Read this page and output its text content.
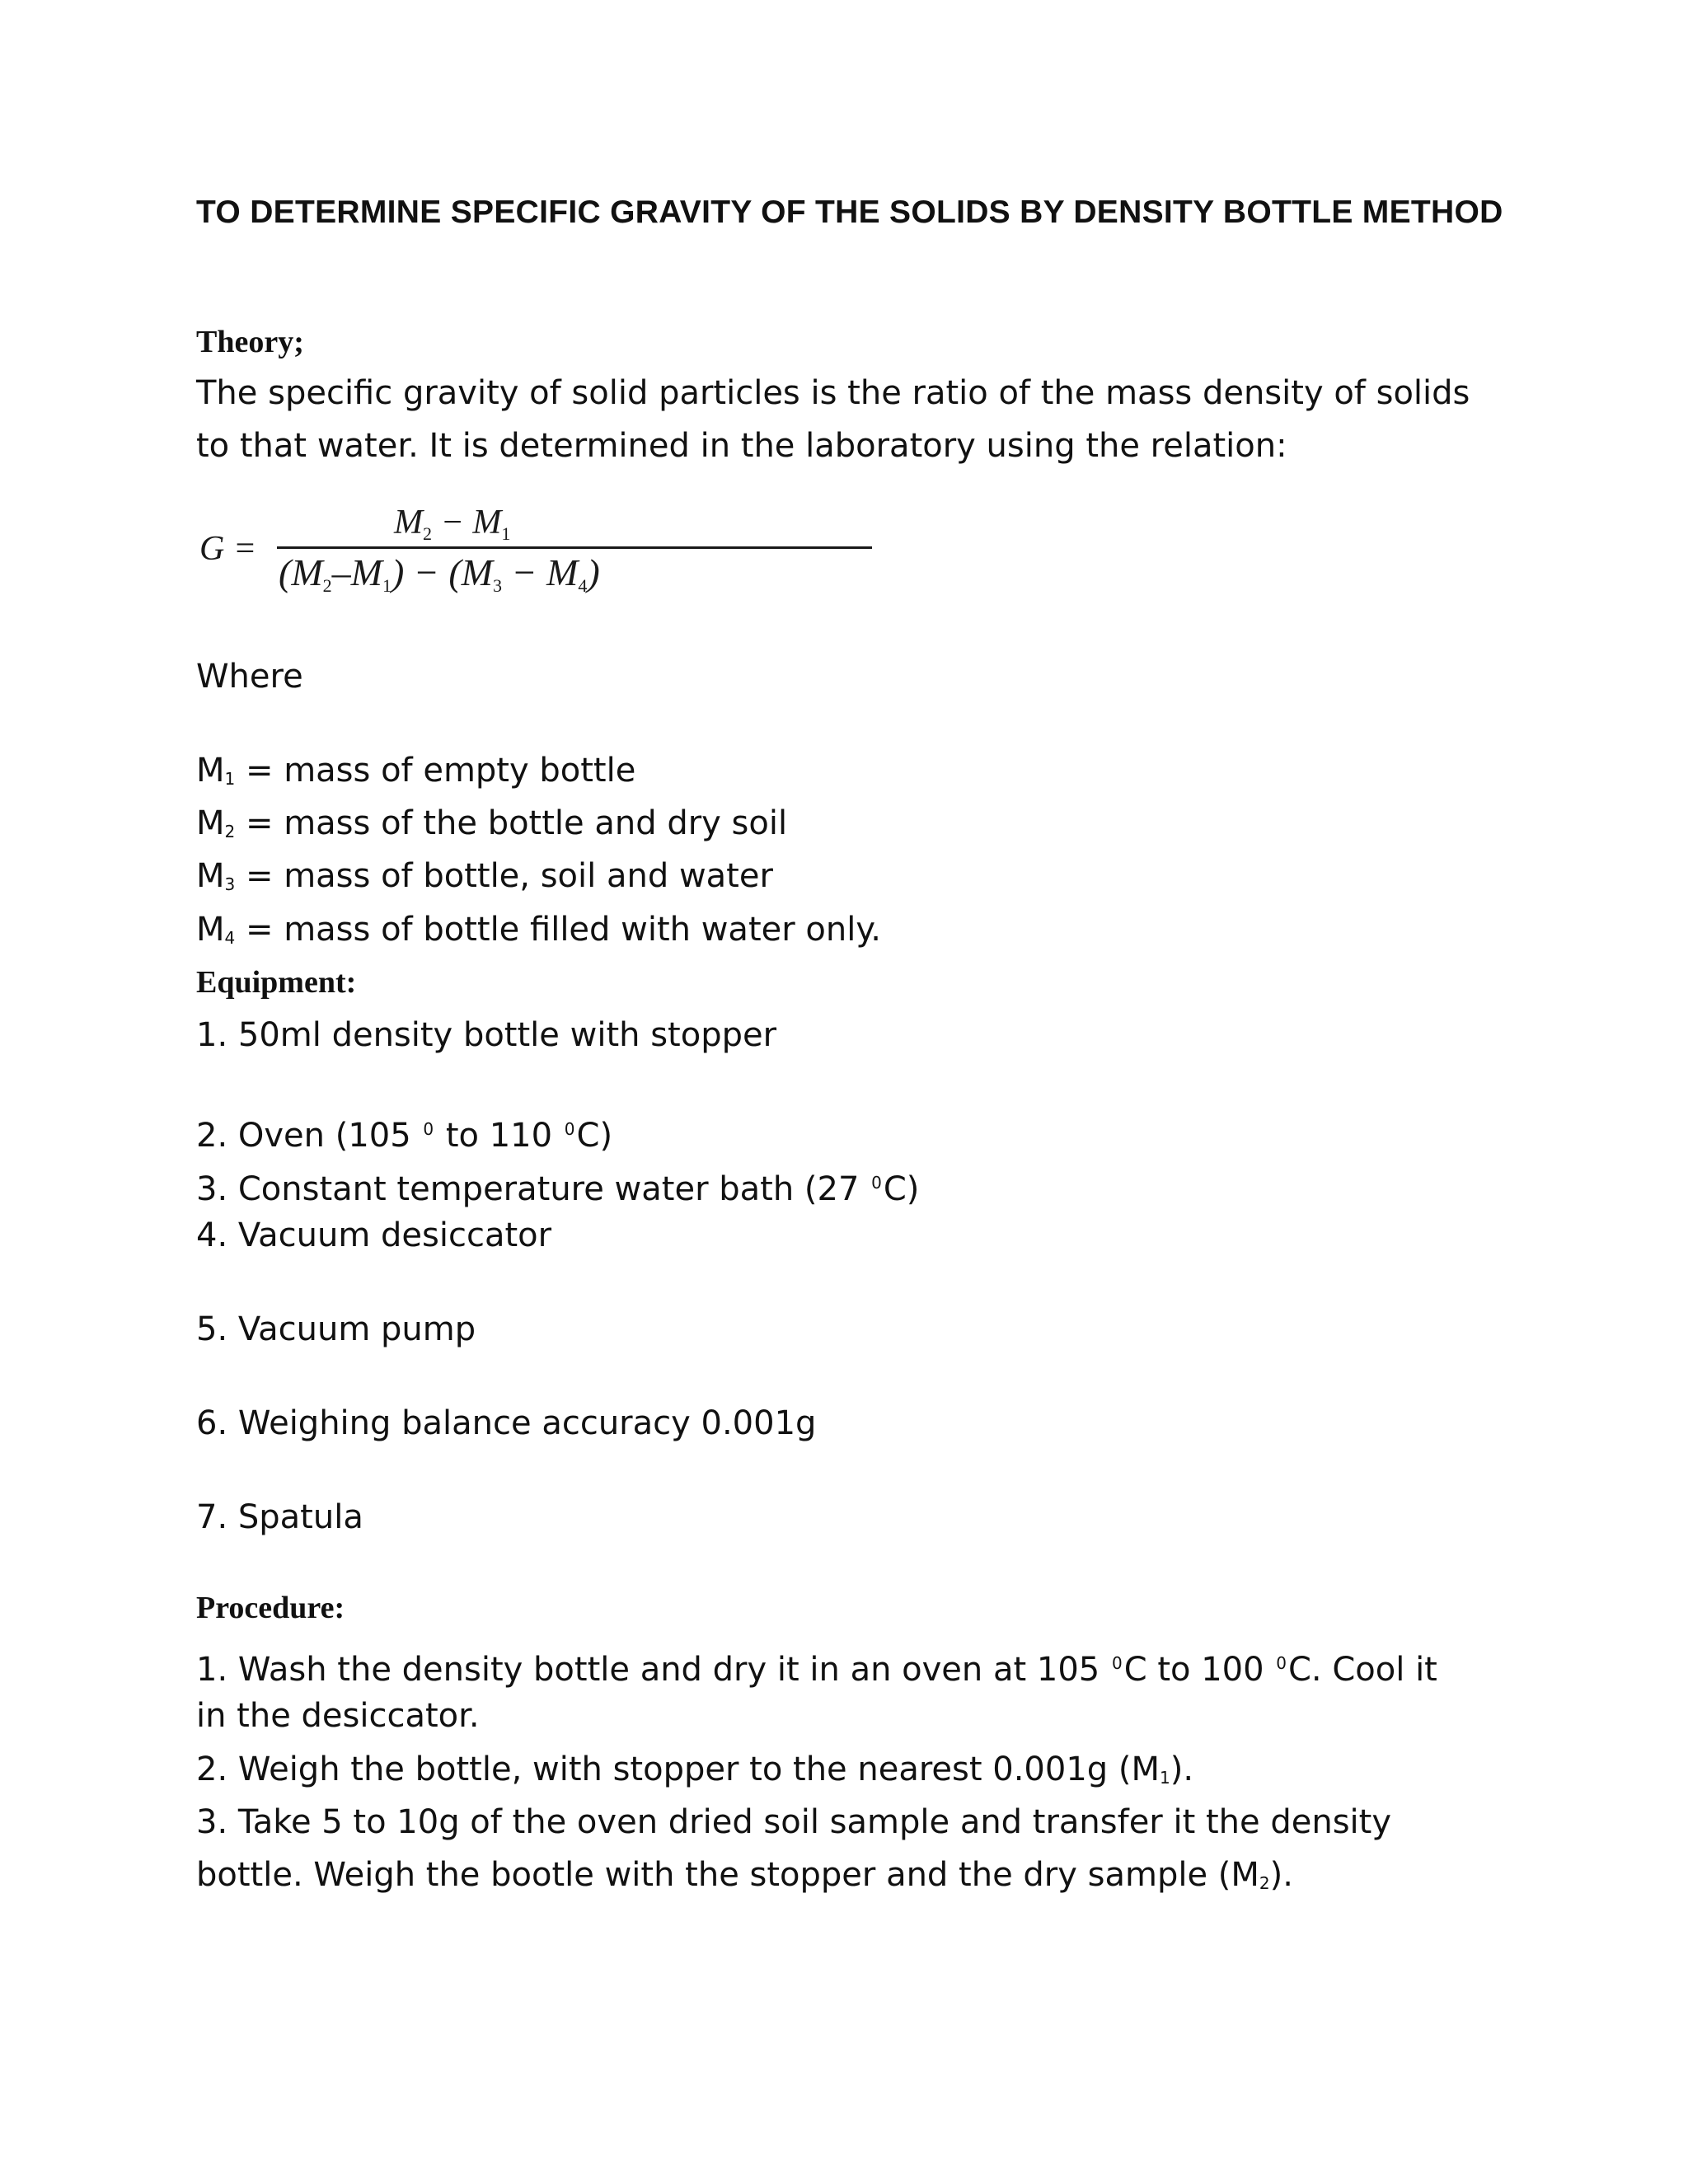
TO DETERMINE SPECIFIC GRAVITY OF THE SOLIDS BY DENSITY BOTTLE METHOD
Theory;

The specific gravity of solid particles is the ratio of the mass density of solids

to that water. It is determined in the laboratory using the relation:

G =
M2 − M1
(M2–M1) − (M3 − M4)

Where

$M_1$ = mass of empty bottle

$M_2$ = mass of the bottle and dry soil

$M_3$ = mass of bottle, soil and water

$M_4$ = mass of bottle filled with water only.

Equipment:

1. 50ml density bottle with stopper

2. Oven (105 $^0$ to 110 $^0$C)

3. Constant temperature water bath (27 $^0$C)

4. Vacuum desiccator

5. Vacuum pump

6. Weighing balance accuracy 0.001g

7. Spatula

Procedure:

1. Wash the density bottle and dry it in an oven at 105 $^0$C to 100 $^0$C. Cool it

in the desiccator.

2. Weigh the bottle, with stopper to the nearest 0.001g $(M_1)$.

3. Take 5 to 10g of the oven dried soil sample and transfer it the density

bottle. Weigh the bootle with the stopper and the dry sample $(M_2)$.
